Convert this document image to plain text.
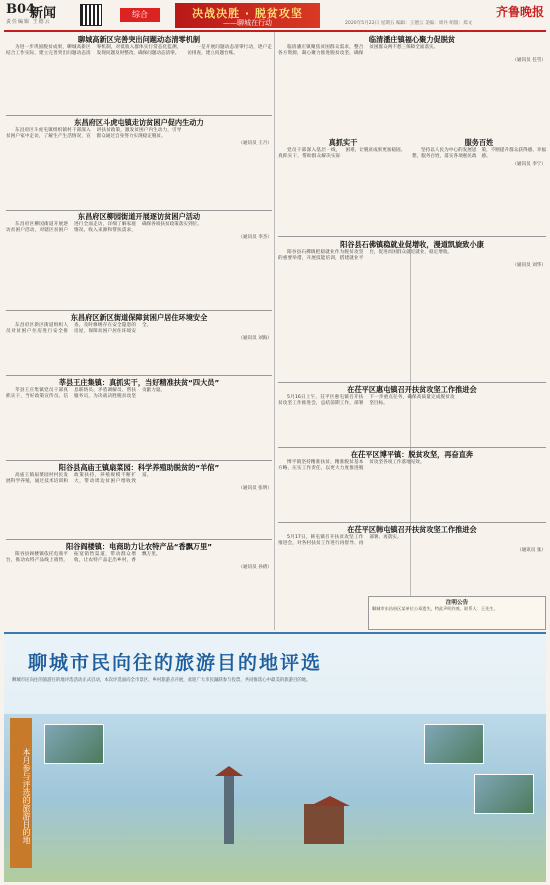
B04
新闻
责任编辑 王德云
综合	决战决胜 · 脱贫攻坚
——聊城在行动
齐鲁晚报
2020年5月22日 星期五 编辑：王德云 美编：周丹 组版：郑文
聊城高新区完善突出问题动态清零机制

为进一步巩固脱贫成果，聊城高新区结合工作实际，建立完善突出问题动态清零机制，对低收入群体实行常态化监测，发现问题及时整改，确保问题动态清零。

一是开展问题动态清零行动，逐户走访排查，建立问题台账。

东昌府区斗虎屯镇走访贫困户促内生动力

东昌府区斗虎屯镇组织镇村干部深入贫困户家中走访，了解生产生活情况，宣讲扶贫政策，激发贫困户内生动力，引导群众通过自身努力实现稳定脱贫。

（通讯员 王月）
东昌府区柳园街道开展逐访贫困户活动

东昌府区柳园街道开展逐访贫困户活动，对辖区贫困户进行全面走访，详细了解家庭情况、收入来源和帮扶需求，确保各项扶贫政策落实到位。

（通讯员 李杰）
东昌府区新区街道保障贫困户居住环境安全

东昌府区新区街道组织人员对贫困户住房进行安全排查，及时修缮存在安全隐患的房屋，保障贫困户居住环境安全。

（通讯员 刘海）
莘县王庄集镇：真抓实干，当好精准扶贫“四大员”

莘县王庄集镇党员干部真抓实干，当好政策宣传员、信息联络员、矛盾调解员、帮扶服务员，为决战决胜脱贫攻坚贡献力量。

阳谷县高庙王镇扇菜园：科学养殖助脱贫的“羊倌”

高庙王镇扇菜园村村民发展科学养殖，通过技术培训和政策扶持，养殖规模不断扩大，带动周边贫困户增收致富。

（通讯员 张明）
阳谷阎楼镇：电商助力让农特产品“香飘万里”

阳谷县阎楼镇依托电商平台，推动农特产品线上销售，拓宽销售渠道，带动群众增收，让农特产品走出乡村，香飘万里。

（通讯员 孙倩）
临清潘庄镇福心聚力促脱贫

临清潘庄镇聚焦贫困群众需求，整合各方资源，凝心聚力推进脱贫攻坚，确保贫困群众两不愁三保障全面落实。

（通讯员 任雪）
真抓实干

党员干部深入基层一线，真抓实干，帮助群众解决实际困难，让脱贫成果更加稳固。

服务百姓

坚持以人民为中心的发展思想，服务百姓，落实各项惠民政策，不断提升群众获得感、幸福感。

（通讯员 李宁）
阳谷县石佛镇稳就业促增收，漫道凯旋致小康

阳谷县石佛镇把稳就业作为脱贫攻坚的重要举措，开展技能培训，搭建就业平台，促进贫困群众就近就业，稳定增收。

（通讯员 刘华）
在茌平区惠屯镇召开扶贫攻坚工作推进会

5月16日上午，茌平区惠屯镇召开扶贫攻坚工作推进会，总结前期工作，部署下一步重点任务，确保高质量完成脱贫攻坚目标。

在茌平区博平镇：脱贫攻坚，再奋直奔

博平镇坚持精准扶贫、精准脱贫基本方略，压实工作责任，以更大力度推进脱贫攻坚各项工作落地见效。

在茌平区韩屯镇召开扶贫攻坚工作推进会

5月17日，韩屯镇召开扶贫攻坚工作推进会，对各村扶贫工作进行再督导、再部署、再落实。

（通讯员 张）
注明公告
聊城市东昌府区某单位公章遗失，特此声明作废。联系人：王先生。
聊城市民向往的旅游目的地评选
聊城市民向往的旅游目的地评选活动正式启动，本次评选面向全市景区、乡村旅游点开展，欢迎广大市民踊跃参与投票，共同推选心中最美的旅游目的地。
本月参与评选的旅游目的地
